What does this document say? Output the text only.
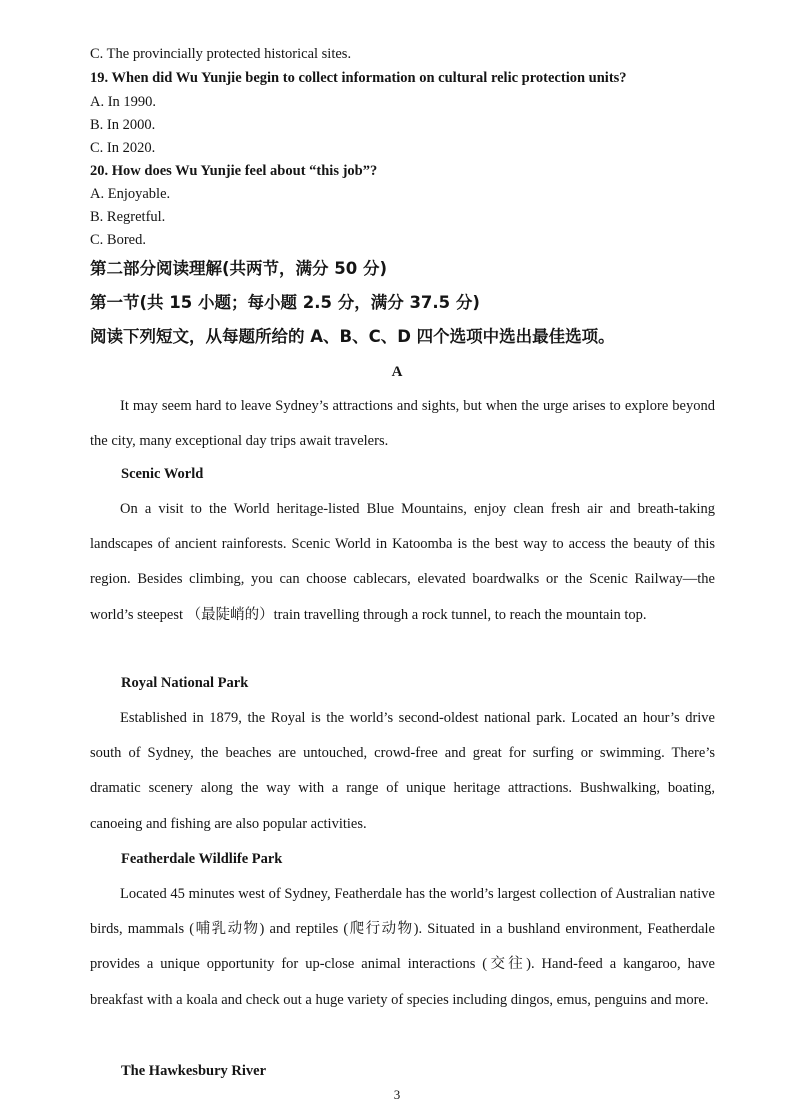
C. The provincially protected historical sites.
19. When did Wu Yunjie begin to collect information on cultural relic protection units?
A. In 1990.
B. In 2000.
C. In 2020.
20. How does Wu Yunjie feel about “this job”?
A. Enjoyable.
B. Regretful.
C. Bored.
第二部分阅读理解(共两节，满分 50 分)
第一节(共 15 小题；每小题 2.5 分，满分 37.5 分)
阅读下列短文，从每题所给的 A、B、C、D 四个选项中选出最佳选项。
A
It may seem hard to leave Sydney’s attractions and sights, but when the urge arises to explore beyond the city, many exceptional day trips await travelers.
Scenic World
On a visit to the World heritage-listed Blue Mountains, enjoy clean fresh air and breath-taking landscapes of ancient rainforests. Scenic World in Katoomba is the best way to access the beauty of this region. Besides climbing, you can choose cablecars, elevated boardwalks or the Scenic Railway—the world’s steepest （最陡峭的）train travelling through a rock tunnel, to reach the mountain top.
Royal National Park
Established in 1879, the Royal is the world’s second-oldest national park. Located an hour’s drive south of Sydney, the beaches are untouched, crowd-free and great for surfing or swimming. There’s dramatic scenery along the way with a range of unique heritage attractions. Bushwalking, boating, canoeing and fishing are also popular activities.
Featherdale Wildlife Park
Located 45 minutes west of Sydney, Featherdale has the world’s largest collection of Australian native birds, mammals (哺乳动物) and reptiles (爬行动物). Situated in a bushland environment, Featherdale provides a unique opportunity for up-close animal interactions (交往). Hand-feed a kangaroo, have breakfast with a koala and check out a huge variety of species including dingos, emus, penguins and more.
The Hawkesbury River
3
